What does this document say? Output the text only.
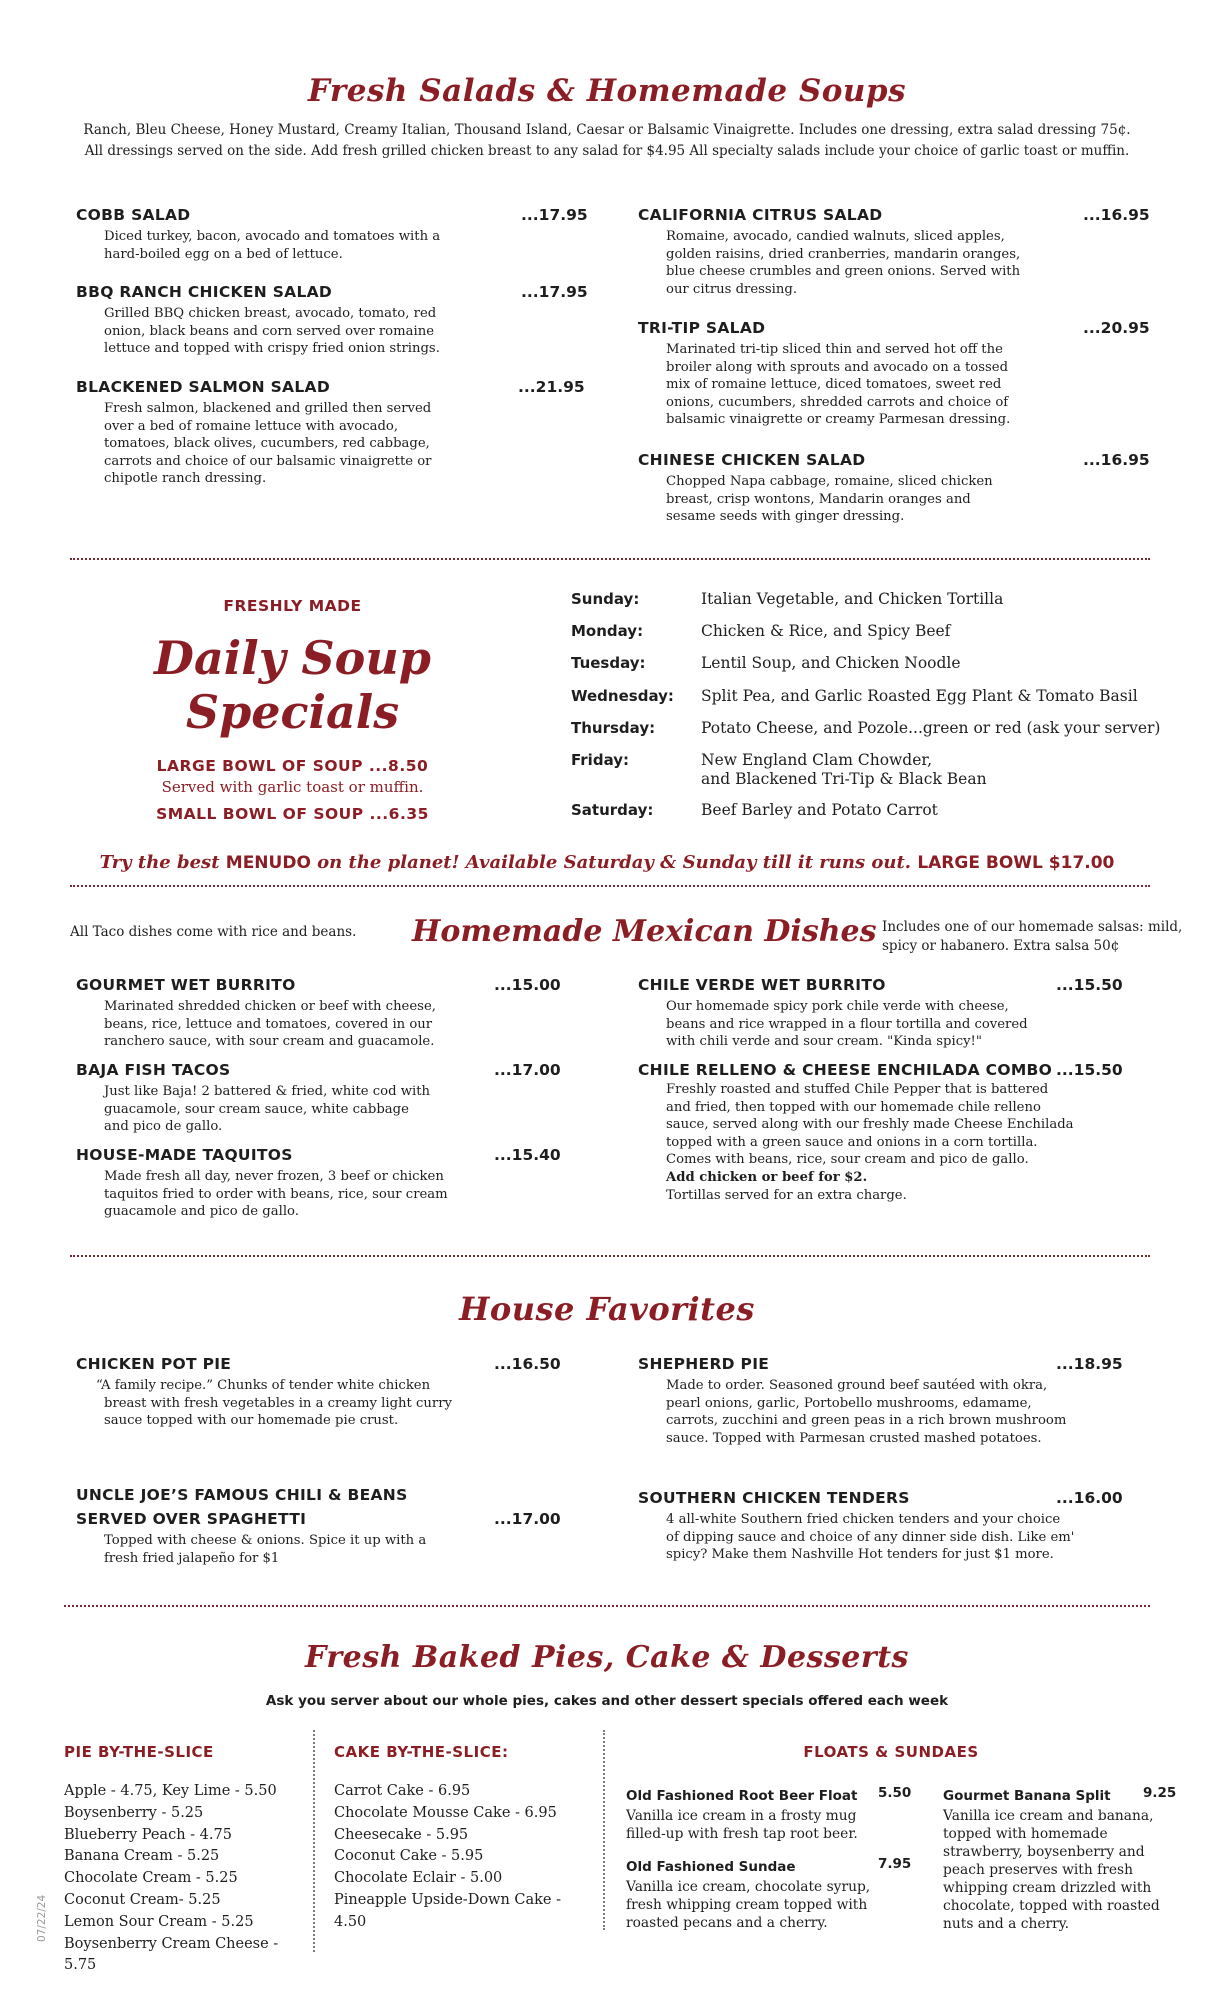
Fresh Salads & Homemade Soups
Ranch, Bleu Cheese, Honey Mustard, Creamy Italian, Thousand Island, Caesar or Balsamic Vinaigrette. Includes one dressing, extra salad dressing 75¢.
All dressings served on the side. Add fresh grilled chicken breast to any salad for $4.95 All specialty salads include your choice of garlic toast or muffin.
COBB SALAD	...17.95
Diced turkey, bacon, avocado and tomatoes with a
hard-boiled egg on a bed of lettuce.
BBQ RANCH CHICKEN SALAD	...17.95
Grilled BBQ chicken breast, avocado, tomato, red
onion, black beans and corn served over romaine
lettuce and topped with crispy fried onion strings.
BLACKENED SALMON SALAD	...21.95
Fresh salmon, blackened and grilled then served
over a bed of romaine lettuce with avocado,
tomatoes, black olives, cucumbers, red cabbage,
carrots and choice of our balsamic vinaigrette or
chipotle ranch dressing.
CALIFORNIA CITRUS SALAD	...16.95
Romaine, avocado, candied walnuts, sliced apples,
golden raisins, dried cranberries, mandarin oranges,
blue cheese crumbles and green onions. Served with
our citrus dressing.
TRI-TIP SALAD	...20.95
Marinated tri-tip sliced thin and served hot off the
broiler along with sprouts and avocado on a tossed
mix of romaine lettuce, diced tomatoes, sweet red
onions, cucumbers, shredded carrots and choice of
balsamic vinaigrette or creamy Parmesan dressing.
CHINESE CHICKEN SALAD	...16.95
Chopped Napa cabbage, romaine, sliced chicken
breast, crisp wontons, Mandarin oranges and
sesame seeds with ginger dressing.
FRESHLY MADE
Daily Soup Specials
LARGE BOWL OF SOUP ...8.50
Served with garlic toast or muffin.
SMALL BOWL OF SOUP ...6.35
Sunday:	Italian Vegetable, and Chicken Tortilla
Monday:	Chicken & Rice, and Spicy Beef
Tuesday:	Lentil Soup, and Chicken Noodle
Wednesday: Split Pea, and Garlic Roasted Egg Plant & Tomato Basil
Thursday:	Potato Cheese, and Pozole...green or red (ask your server)
Friday:	New England Clam Chowder,
and Blackened Tri-Tip & Black Bean
Saturday:	Beef Barley and Potato Carrot
Try the best MENUDO on the planet! Available Saturday & Sunday till it runs out. LARGE BOWL $17.00
All Taco dishes come with rice and beans. Homemade Mexican Dishes Includes one of our homemade salsas: mild,
spicy or habanero. Extra salsa 50¢
GOURMET WET BURRITO	...15.00
Marinated shredded chicken or beef with cheese,
beans, rice, lettuce and tomatoes, covered in our
ranchero sauce, with sour cream and guacamole.
BAJA FISH TACOS	...17.00
Just like Baja! 2 battered & fried, white cod with
guacamole, sour cream sauce, white cabbage
and pico de gallo.
HOUSE-MADE TAQUITOS	...15.40
Made fresh all day, never frozen, 3 beef or chicken
taquitos fried to order with beans, rice, sour cream
guacamole and pico de gallo.
CHILE VERDE WET BURRITO	...15.50
Our homemade spicy pork chile verde with cheese,
beans and rice wrapped in a flour tortilla and covered
with chili verde and sour cream. "Kinda spicy!"
CHILE RELLENO & CHEESE ENCHILADA COMBO ...15.50
Freshly roasted and stuffed Chile Pepper that is battered
and fried, then topped with our homemade chile relleno
sauce, served along with our freshly made Cheese Enchilada
topped with a green sauce and onions in a corn tortilla.
Comes with beans, rice, sour cream and pico de gallo.
Add chicken or beef for $2.
Tortillas served for an extra charge.
House Favorites
CHICKEN POT PIE	...16.50
“A family recipe.” Chunks of tender white chicken
breast with fresh vegetables in a creamy light curry
sauce topped with our homemade pie crust.
UNCLE JOE’S FAMOUS CHILI & BEANS
SERVED OVER SPAGHETTI	...17.00
Topped with cheese & onions. Spice it up with a
fresh fried jalapeño for $1
SHEPHERD PIE	...18.95
Made to order. Seasoned ground beef sautéed with okra,
pearl onions, garlic, Portobello mushrooms, edamame,
carrots, zucchini and green peas in a rich brown mushroom
sauce. Topped with Parmesan crusted mashed potatoes.
SOUTHERN CHICKEN TENDERS	...16.00
4 all-white Southern fried chicken tenders and your choice
of dipping sauce and choice of any dinner side dish. Like em'
spicy? Make them Nashville Hot tenders for just $1 more.
Fresh Baked Pies, Cake & Desserts
Ask you server about our whole pies, cakes and other dessert specials offered each week
PIE BY-THE-SLICE
Apple - 4.75, Key Lime - 5.50
Boysenberry - 5.25
Blueberry Peach - 4.75
Banana Cream - 5.25
Chocolate Cream - 5.25
Coconut Cream- 5.25
Lemon Sour Cream - 5.25
Boysenberry Cream Cheese - 5.75
07/22/24
CAKE BY-THE-SLICE:
Carrot Cake - 6.95
Chocolate Mousse Cake - 6.95
Cheesecake - 5.95
Coconut Cake - 5.95
Chocolate Eclair - 5.00
Pineapple Upside-Down Cake - 4.50
FLOATS & SUNDAES
Old Fashioned Root Beer Float 5.50
Vanilla ice cream in a frosty mug
filled-up with fresh tap root beer.
Old Fashioned Sundae	7.95
Vanilla ice cream, chocolate syrup,
fresh whipping cream topped with
roasted pecans and a cherry.
Gourmet Banana Split 9.25
Vanilla ice cream and banana,
topped with homemade
strawberry, boysenberry and
peach preserves with fresh
whipping cream drizzled with
chocolate, topped with roasted
nuts and a cherry.
